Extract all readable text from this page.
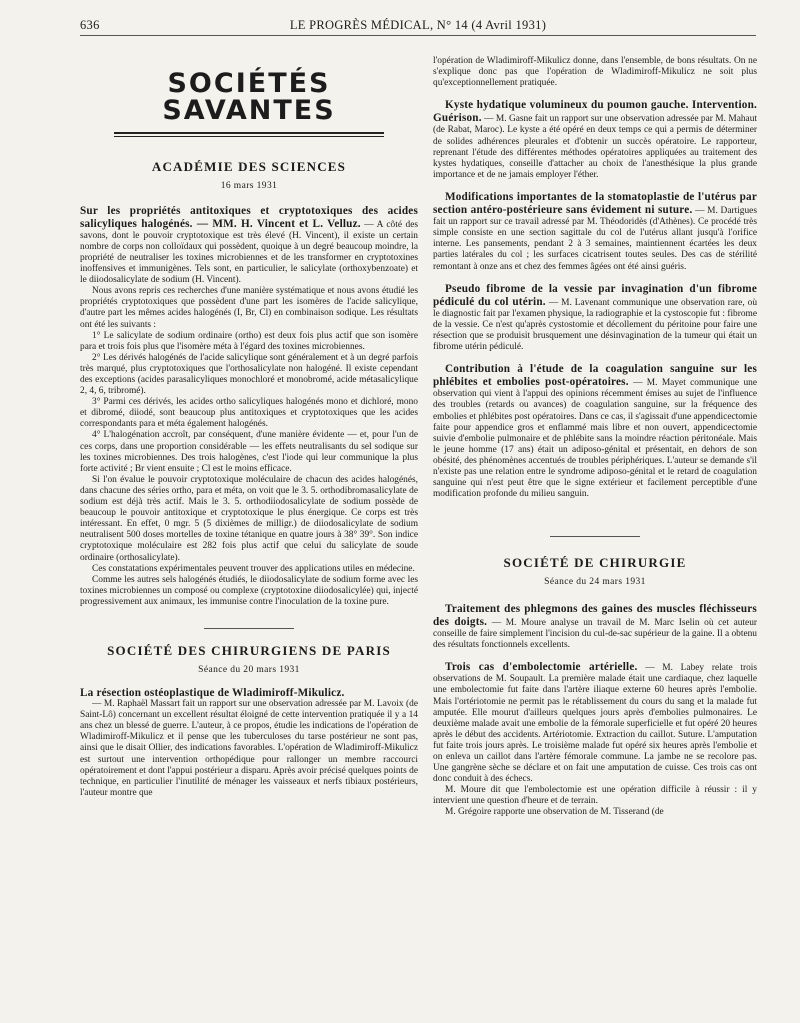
636	LE PROGRÈS MÉDICAL, N° 14 (4 Avril 1931)
SOCIÉTÉS SAVANTES
ACADÉMIE DES SCIENCES

16 mars 1931

Sur les propriétés antitoxiques et cryptotoxiques des acides salicyliques halogénés. — MM. H. Vincent et L. Velluz. — A côté des savons, dont le pouvoir cryptotoxique est très élevé (H. Vincent), il existe un certain nombre de corps non colloïdaux qui possèdent, quoique à un degré beaucoup moindre, la propriété de neutraliser les toxines microbiennes et de les transformer en cryptotoxines inoffensives et immunigènes. Tels sont, en particulier, le salicylate (orthoxybenzoate) et le diiodosalicylate de sodium (H. Vincent).

Nous avons repris ces recherches d'une manière systématique et nous avons étudié les propriétés cryptotoxiques que possèdent d'une part les isomères de l'acide salicylique, d'autre part les mêmes acides halogénés (I, Br, Cl) en combinaison sodique. Les résultats ont été les suivants :

1° Le salicylate de sodium ordinaire (ortho) est deux fois plus actif que son isomère para et trois fois plus que l'isomère méta à l'égard des toxines microbiennes.

2° Les dérivés halogénés de l'acide salicylique sont généralement et à un degré parfois très marqué, plus cryptotoxiques que l'orthosalicylate non halogéné. Il existe cependant des exceptions (acides parasalicyliques monochloré et monobromé, acide métasalicylique 2, 4, 6, tribromé).

3° Parmi ces dérivés, les acides ortho salicyliques halogénés mono et dichloré, mono et dibromé, diiodé, sont beaucoup plus antitoxiques et cryptotoxiques que les acides correspondants para et méta également halogénés.

4° L'halogénation accroît, par conséquent, d'une manière évidente — et, pour l'un de ces corps, dans une proportion considérable — les effets neutralisants du sel sodique sur les toxines microbiennes. Des trois halogènes, c'est l'iode qui leur communique la plus forte activité ; Br vient ensuite ; Cl est le moins efficace.

Si l'on évalue le pouvoir cryptotoxique moléculaire de chacun des acides halogénés, dans chacune des séries ortho, para et méta, on voit que le 3. 5. orthodibromasalicylate de sodium est déjà très actif. Mais le 3. 5. orthodiiodosalicylate de sodium possède de beaucoup le pouvoir antitoxique et cryptotoxique le plus énergique. Ce corps est très intéressant. En effet, 0 mgr. 5 (5 dixièmes de milligr.) de diiodosalicylate de sodium neutralisent 500 doses mortelles de toxine tétanique en quatre jours à 38° 39°. Son indice cryptotoxique moléculaire est 282 fois plus actif que celui du salicylate de soude ordinaire (orthosalicylate).

Ces constatations expérimentales peuvent trouver des applications utiles en médecine.

Comme les autres sels halogénés étudiés, le diiodosalicylate de sodium forme avec les toxines microbiennes un composé ou complexe (cryptotoxine diiodosalicylée) qui, injecté progressivement aux animaux, les immunise contre l'inoculation de la toxine pure.

SOCIÉTÉ DES CHIRURGIENS DE PARIS

Séance du 20 mars 1931

La résection ostéoplastique de Wladimiroff-Mikulicz.

— M. Raphaël Massart fait un rapport sur une observation adressée par M. Lavoix (de Saint-Lô) concernant un excellent résultat éloigné de cette intervention pratiquée il y a 14 ans chez un blessé de guerre. L'auteur, à ce propos, étudie les indications de l'opération de Wladimiroff-Mikulicz et il pense que les tuberculoses du tarse postérieur ne sont pas, ainsi que le disait Ollier, des indications favorables. L'opération de Wladimiroff-Mikulicz est surtout une intervention orthopédique pour rallonger un membre raccourci opératoirement et dont l'appui postérieur a disparu. Après avoir précisé quelques points de technique, en particulier l'inutilité de ménager les vaisseaux et nerfs tibiaux postérieurs, l'auteur montre que

l'opération de Wladimiroff-Mikulicz donne, dans l'ensemble, de bons résultats. On ne s'explique donc pas que l'opération de Wladimiroff-Mikulicz ne soit plus qu'exceptionnellement pratiquée.

Kyste hydatique volumineux du poumon gauche. Intervention. Guérison. — M. Gasne fait un rapport sur une observation adressée par M. Mahaut (de Rabat, Maroc). Le kyste a été opéré en deux temps ce qui a permis de déterminer de solides adhérences pleurales et d'obtenir un succès opératoire. Le rapporteur, reprenant l'étude des différentes méthodes opératoires appliquées au traitement des kystes hydatiques, conseille d'attacher au choix de l'anesthésique la plus grande importance et de ne jamais employer l'éther.

Modifications importantes de la stomatoplastie de l'utérus par section antéro-postérieure sans évidement ni suture. — M. Dartigues fait un rapport sur ce travail adressé par M. Théodoridès (d'Athènes). Ce procédé très simple consiste en une section sagittale du col de l'utérus allant jusqu'à l'orifice interne. Les pansements, pendant 2 à 3 semaines, maintiennent écartées les deux parties latérales du col ; les surfaces cicatrisent toutes seules. Des cas de stérilité remontant à onze ans et chez des femmes âgées ont été ainsi guéris.

Pseudo fibrome de la vessie par invagination d'un fibrome pédiculé du col utérin. — M. Lavenant communique une observation rare, où le diagnostic fait par l'examen physique, la radiographie et la cystoscopie fut : fibrome de la vessie. Ce n'est qu'après cystostomie et décollement du péritoine pour faire une résection que se produisit brusquement une désinvagination de la tumeur qui était un fibrome utérin pédiculé.

Contribution à l'étude de la coagulation sanguine sur les phlébites et embolies post-opératoires. — M. Mayet communique une observation qui vient à l'appui des opinions récemment émises au sujet de l'influence des troubles (retards ou avances) de coagulation sanguine, sur la fréquence des embolies et phlébites post opératoires. Dans ce cas, il s'agissait d'une appendicectomie faite pour appendice gros et enflammé mais libre et non ouvert, appendicectomie suivie d'embolie pulmonaire et de phlébite sans la moindre réaction péritonéale. Mais le jeune homme (17 ans) était un adiposo-génital et présentait, en dehors de son obésité, des phénomènes accentués de troubles périphériques. L'auteur se demande s'il n'existe pas une relation entre le syndrome adiposo-génital et le retard de coagulation sanguine qui n'est peut être que le signe extérieur et facilement perceptible d'une modification profonde du milieu sanguin.

SOCIÉTÉ DE CHIRURGIE

Séance du 24 mars 1931

Traitement des phlegmons des gaines des muscles fléchisseurs des doigts. — M. Moure analyse un travail de M. Marc Iselin où cet auteur conseille de faire simplement l'incision du cul-de-sac supérieur de la gaine. Il a obtenu des résultats fonctionnels excellents.

Trois cas d'embolectomie artérielle. — M. Labey relate trois observations de M. Soupault. La première malade était une cardiaque, chez laquelle une embolectomie fut faite dans l'artère iliaque externe 60 heures après l'embolie. Mais l'ortériotomie ne permit pas le rétablissement du cours du sang et la malade fut amputée. Elle mourut d'ailleurs quelques jours après d'embolies pulmonaires. Le deuxième malade avait une embolie de la fémorale superficielle et fut opéré 20 heures après le début des accidents. Artériotomie. Extraction du caillot. Suture. L'amputation fut faite trois jours après. Le troisième malade fut opéré six heures après l'embolie et on enleva un caillot dans l'artère fémorale commune. La jambe ne se recolore pas. Une gangrène sèche se déclare et on fait une amputation de cuisse. Ces trois cas ont donc conduit à des échecs.

M. Moure dit que l'embolectomie est une opération difficile à réussir : il y intervient une question d'heure et de terrain.

M. Grégoire rapporte une observation de M. Tisserand (de
